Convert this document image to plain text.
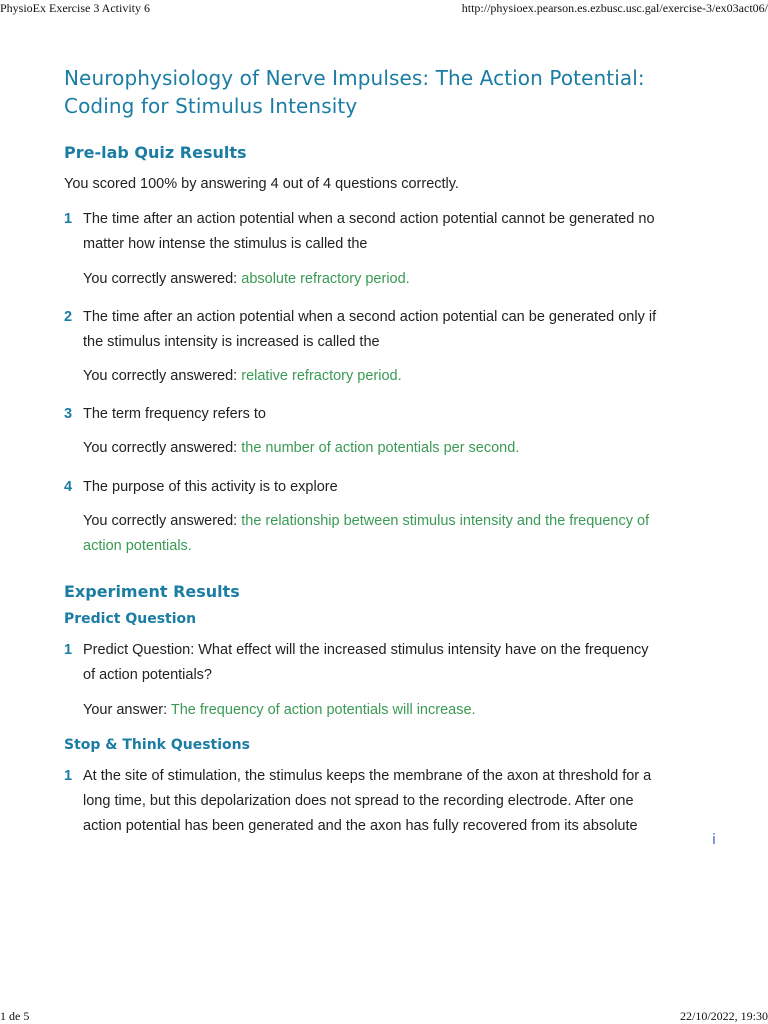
PhysioEx Exercise 3 Activity 6	http://physioex.pearson.es.ezbusc.usc.gal/exercise-3/ex03act06/
Neurophysiology of Nerve Impulses: The Action Potential:
Coding for Stimulus Intensity
Pre-lab Quiz Results
You scored 100% by answering 4 out of 4 questions correctly.
1 The time after an action potential when a second action potential cannot be generated no
matter how intense the stimulus is called the
You correctly answered: absolute refractory period.
2 The time after an action potential when a second action potential can be generated only if
the stimulus intensity is increased is called the
You correctly answered: relative refractory period.
3 The term frequency refers to
You correctly answered: the number of action potentials per second.
4 The purpose of this activity is to explore
You correctly answered: the relationship between stimulus intensity and the frequency of
action potentials.
Experiment Results
Predict Question
1 Predict Question: What effect will the increased stimulus intensity have on the frequency
of action potentials?
Your answer: The frequency of action potentials will increase.
Stop & Think Questions
1 At the site of stimulation, the stimulus keeps the membrane of the axon at threshold for a
long time, but this depolarization does not spread to the recording electrode. After one
action potential has been generated and the axon has fully recovered from its absolute
i
1 de 5	22/10/2022, 19:30
